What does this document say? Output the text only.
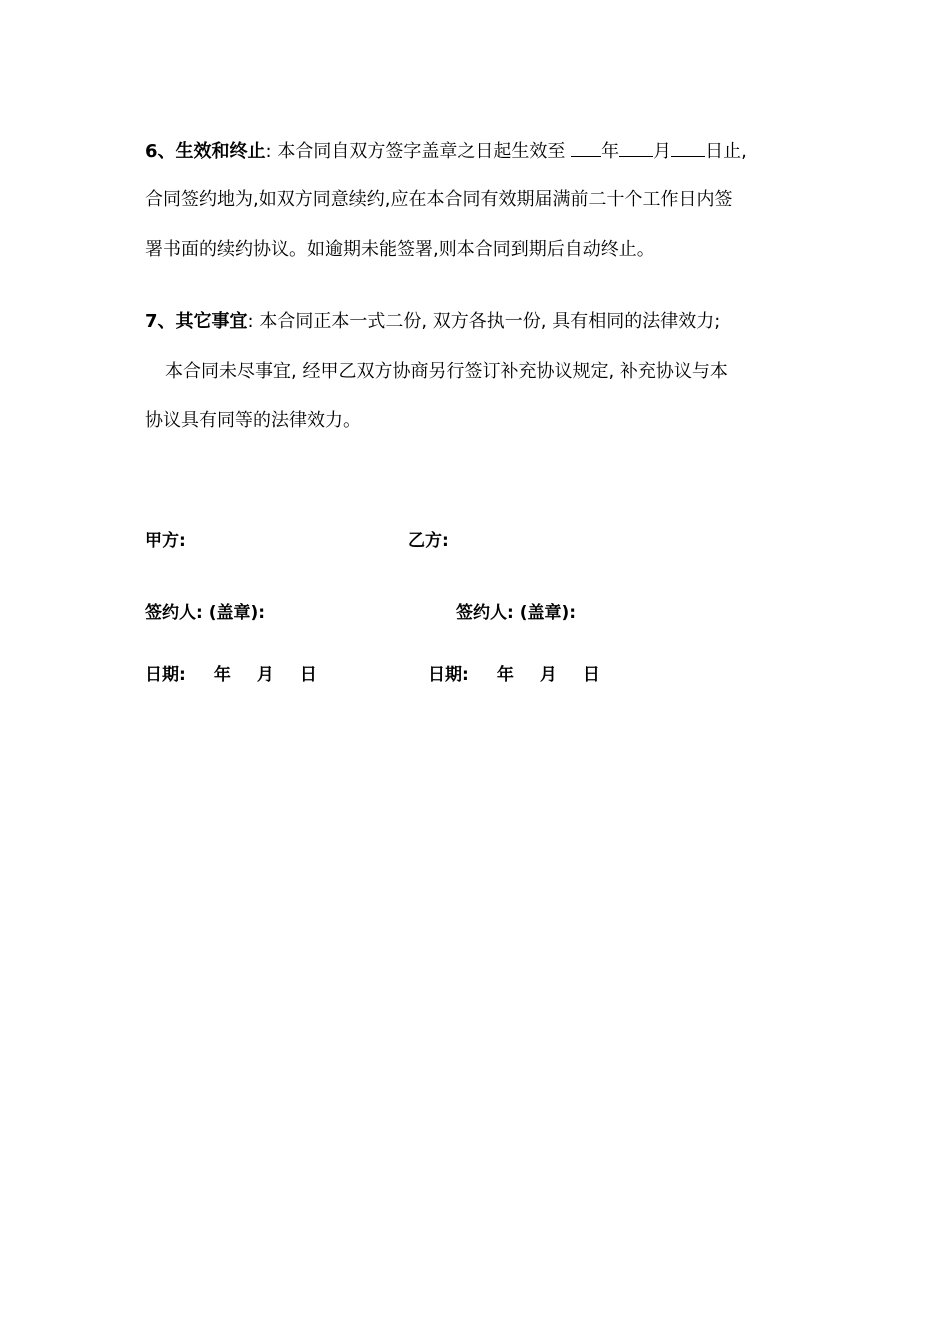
6、生效和终止: 本合同自双方签字盖章之日起生效至 年 月 日止,
合同签约地为,如双方同意续约,应在本合同有效期届满前二十个工作日内签
署书面的续约协议。如逾期未能签署,则本合同到期后自动终止。
7、其它事宜: 本合同正本一式二份, 双方各执一份, 具有相同的法律效力;
本合同未尽事宜, 经甲乙双方协商另行签订补充协议规定, 补充协议与本
协议具有同等的法律效力。
甲方:
签约人: (盖章):
日期: 年 月 日
乙方:
签约人: (盖章):
日期: 年 月 日
